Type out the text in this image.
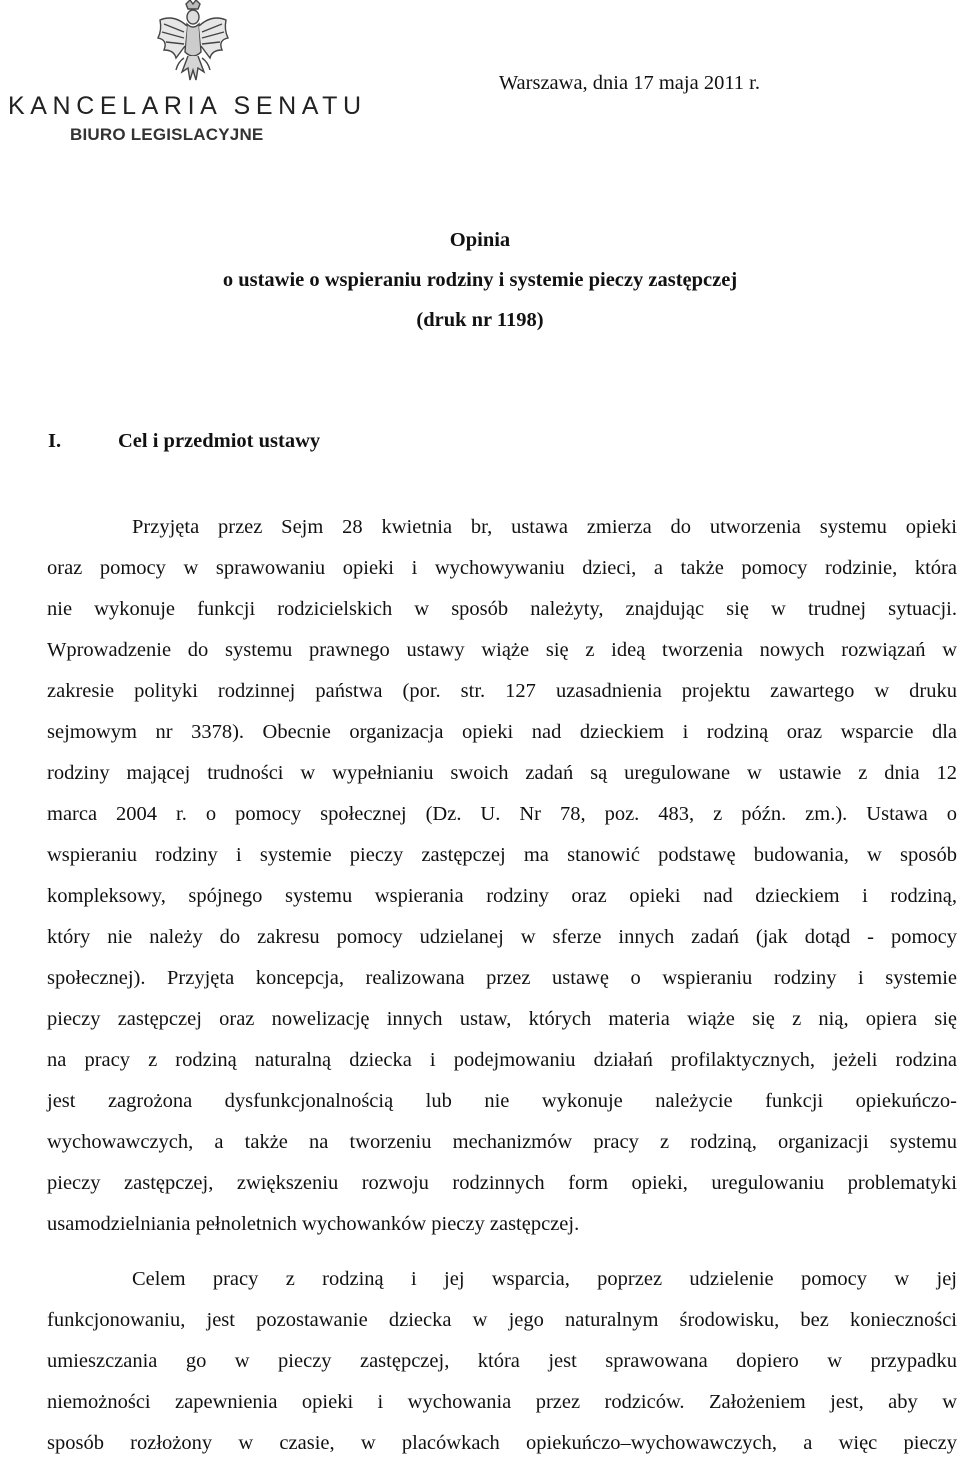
KANCELARIA SENATU
BIURO LEGISLACYJNE
Warszawa, dnia 17 maja 2011 r.

Opinia

o ustawie o wspieraniu rodziny i systemie pieczy zastępczej

(druk nr 1198)

I.	Cel i przedmiot ustawy
Przyjęta przez Sejm 28 kwietnia br, ustawa zmierza do utworzenia systemu opieki
oraz pomocy w sprawowaniu opieki i wychowywaniu dzieci, a także pomocy rodzinie, która
nie wykonuje funkcji rodzicielskich w sposób należyty, znajdując się w trudnej sytuacji.
Wprowadzenie do systemu prawnego ustawy wiąże się z ideą tworzenia nowych rozwiązań w
zakresie polityki rodzinnej państwa (por. str. 127 uzasadnienia projektu zawartego w druku
sejmowym nr 3378). Obecnie organizacja opieki nad dzieckiem i rodziną oraz wsparcie dla
rodziny mającej trudności w wypełnianiu swoich zadań są uregulowane w ustawie z dnia 12
marca 2004 r. o pomocy społecznej (Dz. U. Nr 78, poz. 483, z późn. zm.). Ustawa o
wspieraniu rodziny i systemie pieczy zastępczej ma stanowić podstawę budowania, w sposób
kompleksowy, spójnego systemu wspierania rodziny oraz opieki nad dzieckiem i rodziną,
który nie należy do zakresu pomocy udzielanej w sferze innych zadań (jak dotąd - pomocy
społecznej). Przyjęta koncepcja, realizowana przez ustawę o wspieraniu rodziny i systemie
pieczy zastępczej oraz nowelizację innych ustaw, których materia wiąże się z nią, opiera się
na pracy z rodziną naturalną dziecka i podejmowaniu działań profilaktycznych, jeżeli rodzina
jest zagrożona dysfunkcjonalnością lub nie wykonuje należycie funkcji opiekuńczo-
wychowawczych, a także na tworzeniu mechanizmów pracy z rodziną, organizacji systemu
pieczy zastępczej, zwiększeniu rozwoju rodzinnych form opieki, uregulowaniu problematyki
usamodzielniania pełnoletnich wychowanków pieczy zastępczej.
Celem pracy z rodziną i jej wsparcia, poprzez udzielenie pomocy w jej
funkcjonowaniu, jest pozostawanie dziecka w jego naturalnym środowisku, bez konieczności
umieszczania go w pieczy zastępczej, która jest sprawowana dopiero w przypadku
niemożności zapewnienia opieki i wychowania przez rodziców. Założeniem jest, aby w
sposób rozłożony w czasie, w placówkach opiekuńczo–wychowawczych, a więc pieczy
